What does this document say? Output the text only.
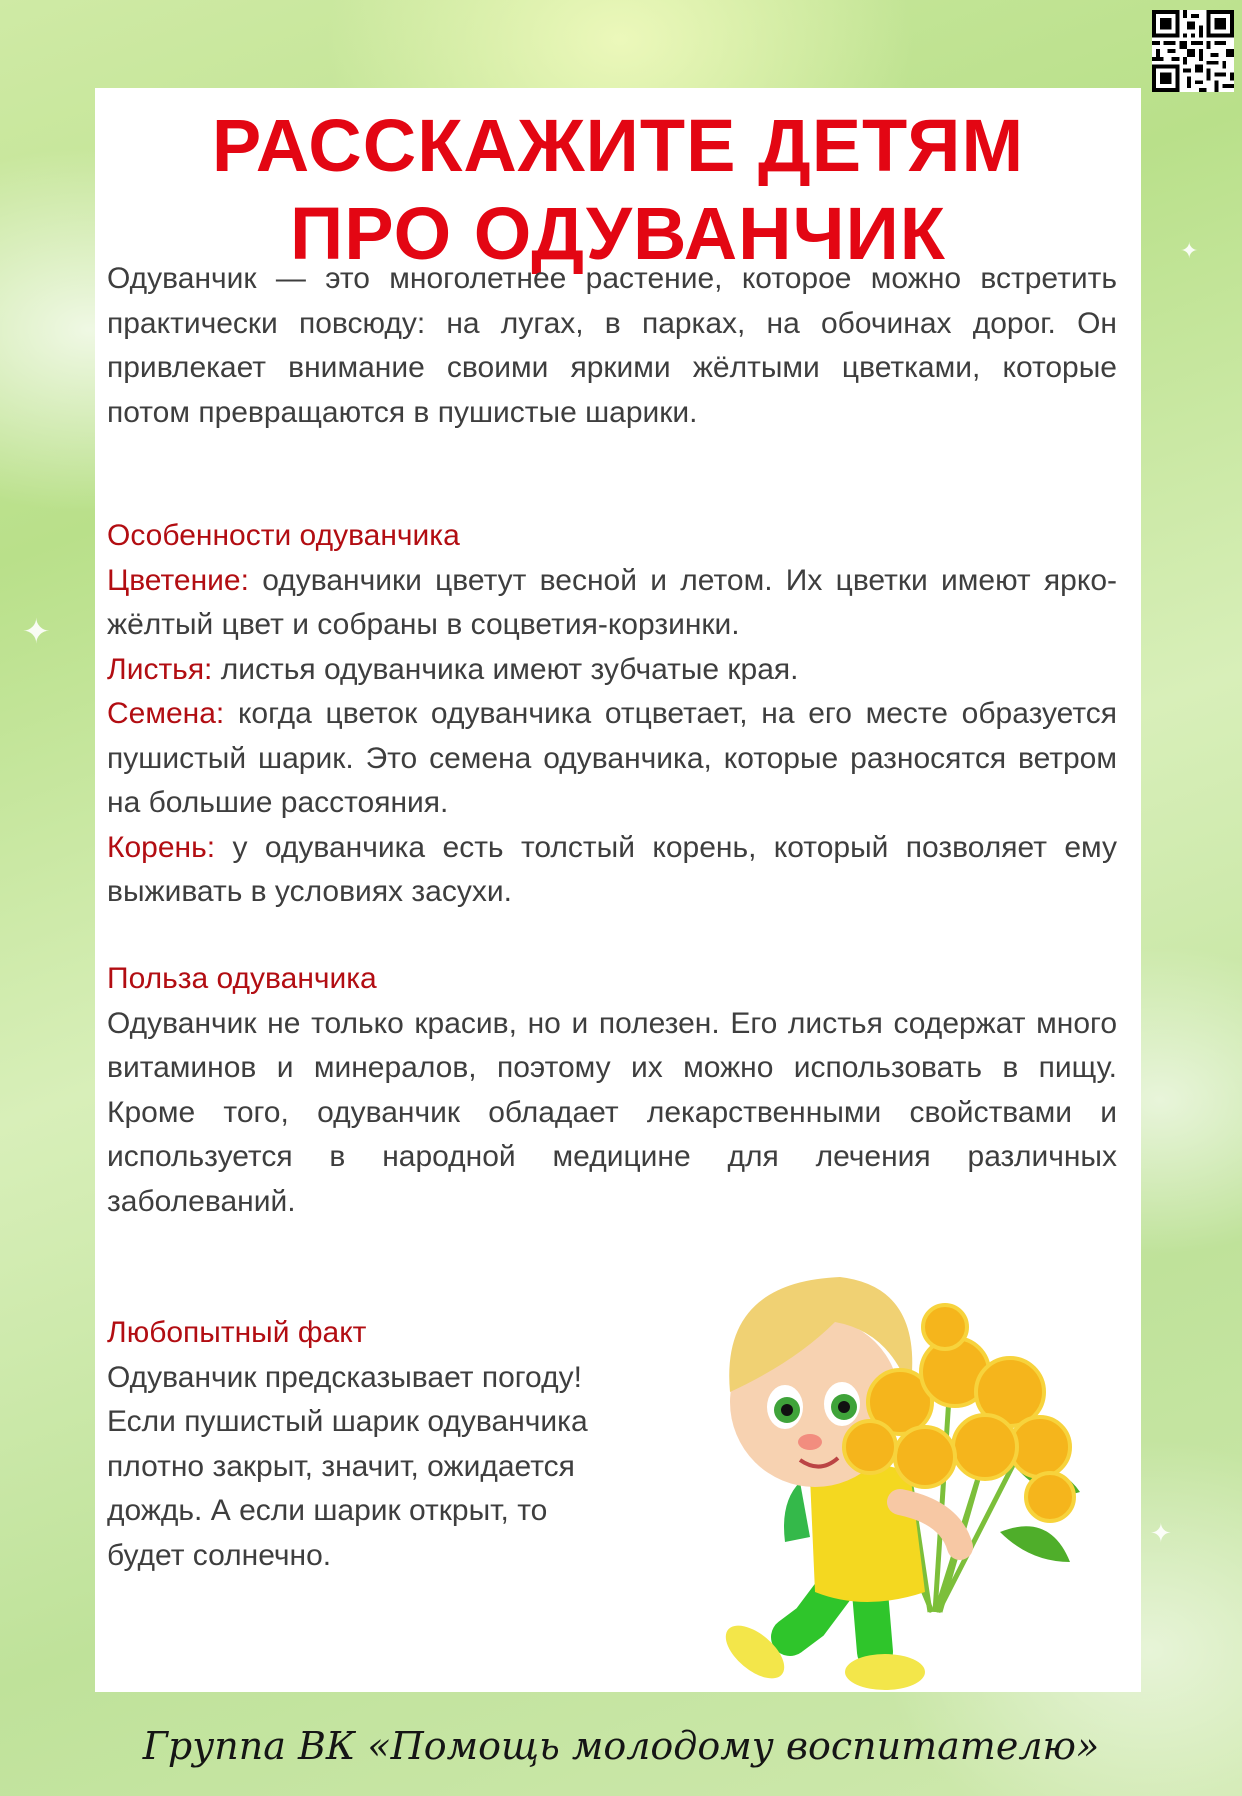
✦
✦
✦
РАССКАЖИТЕ ДЕТЯМ
ПРО ОДУВАНЧИК

Одуванчик — это многолетнее растение, которое можно встретить практически повсюду: на лугах, в парках, на обочинах дорог. Он привлекает внимание своими яркими жёлтыми цветками, которые потом превращаются в пушистые шарики.

Особенности одуванчика
Цветение: одуванчики цветут весной и летом. Их цветки имеют ярко-жёлтый цвет и собраны в соцветия-корзинки.
Листья: листья одуванчика имеют зубчатые края.
Семена: когда цветок одуванчика отцветает, на его месте образуется пушистый шарик. Это семена одуванчика, которые разносятся ветром на большие расстояния.
Корень: у одуванчика есть толстый корень, который позволяет ему выживать в условиях засухи.
Польза одуванчика
Одуванчик не только красив, но и полезен. Его листья содержат много витаминов и минералов, поэтому их можно использовать в пищу. Кроме того, одуванчик обладает лекарственными свойствами и используется в народной медицине для лечения различных заболеваний.
Любопытный факт
Одуванчик предсказывает погоду!
Если пушистый шарик одуванчика
плотно закрыт, значит, ожидается
дождь. А если шарик открыт, то
будет солнечно.
Группа ВК «Помощь молодому воспитателю»
